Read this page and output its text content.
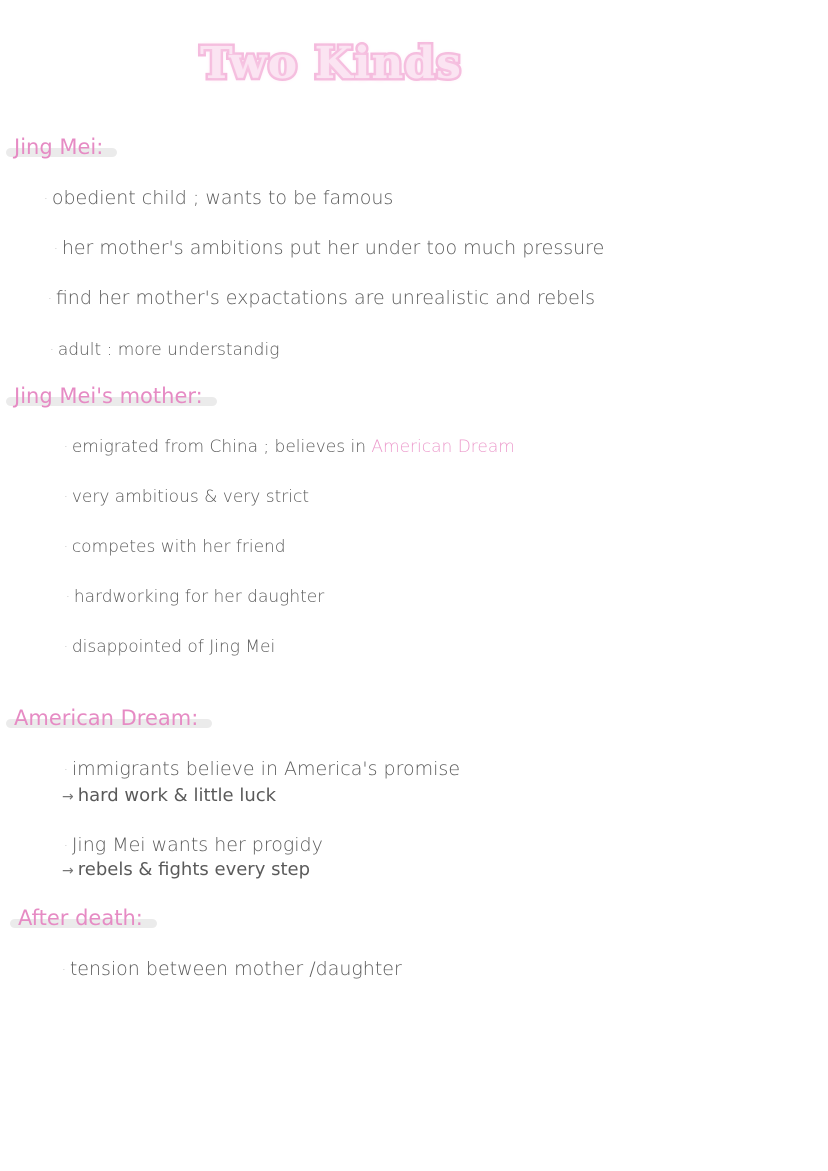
Two Kinds
Jing Mei:
· obedient child ; wants to be famous
· her mother's ambitions put her under too much pressure
· find her mother's expactations are unrealistic and rebels
· adult : more understandig
Jing Mei's mother:
· emigrated from China ; believes in American Dream
· very ambitious & very strict
· competes with her friend
· hardworking for her daughter
· disappointed of Jing Mei
American Dream:
· immigrants believe in America's promise
→ hard work & little luck
· Jing Mei wants her progidy
→ rebels & fights every step
After death:
· tension between mother /daughter
